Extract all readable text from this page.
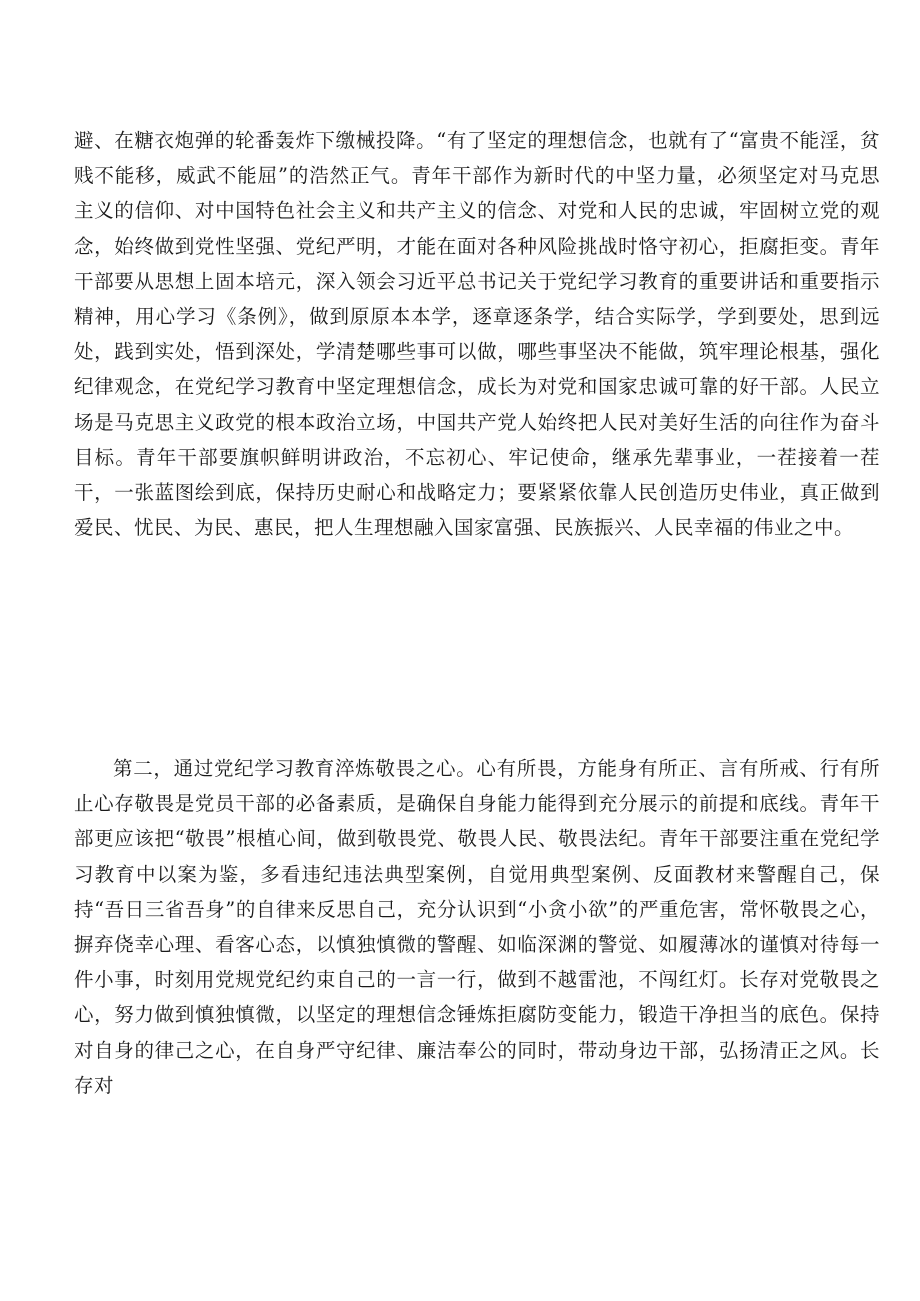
避、在糖衣炮弹的轮番轰炸下缴械投降。“有了坚定的理想信念，也就有了“富贵不能淫，贫贱不能移，威武不能屈”的浩然正气。青年干部作为新时代的中坚力量，必须坚定对马克思主义的信仰、对中国特色社会主义和共产主义的信念、对党和人民的忠诚，牢固树立党的观念，始终做到党性坚强、党纪严明，才能在面对各种风险挑战时恪守初心，拒腐拒变。青年干部要从思想上固本培元，深入领会习近平总书记关于党纪学习教育的重要讲话和重要指示精神，用心学习《条例》，做到原原本本学，逐章逐条学，结合实际学，学到要处，思到远处，践到实处，悟到深处，学清楚哪些事可以做，哪些事坚决不能做，筑牢理论根基，强化纪律观念，在党纪学习教育中坚定理想信念，成长为对党和国家忠诚可靠的好干部。人民立场是马克思主义政党的根本政治立场，中国共产党人始终把人民对美好生活的向往作为奋斗目标。青年干部要旗帜鲜明讲政治，不忘初心、牢记使命，继承先辈事业，一茬接着一茬干，一张蓝图绘到底，保持历史耐心和战略定力；要紧紧依靠人民创造历史伟业，真正做到爱民、忧民、为民、惠民，把人生理想融入国家富强、民族振兴、人民幸福的伟业之中。

第二，通过党纪学习教育淬炼敬畏之心。心有所畏，方能身有所正、言有所戒、行有所止心存敬畏是党员干部的必备素质，是确保自身能力能得到充分展示的前提和底线。青年干部更应该把“敬畏”根植心间，做到敬畏党、敬畏人民、敬畏法纪。青年干部要注重在党纪学习教育中以案为鉴，多看违纪违法典型案例，自觉用典型案例、反面教材来警醒自己，保持“吾日三省吾身”的自律来反思自己，充分认识到“小贪小欲”的严重危害，常怀敬畏之心，摒弃侥幸心理、看客心态，以慎独慎微的警醒、如临深渊的警觉、如履薄冰的谨慎对待每一件小事，时刻用党规党纪约束自己的一言一行，做到不越雷池，不闯红灯。长存对党敬畏之心，努力做到慎独慎微，以坚定的理想信念锤炼拒腐防变能力，锻造干净担当的底色。保持对自身的律己之心，在自身严守纪律、廉洁奉公的同时，带动身边干部，弘扬清正之风。长存对
